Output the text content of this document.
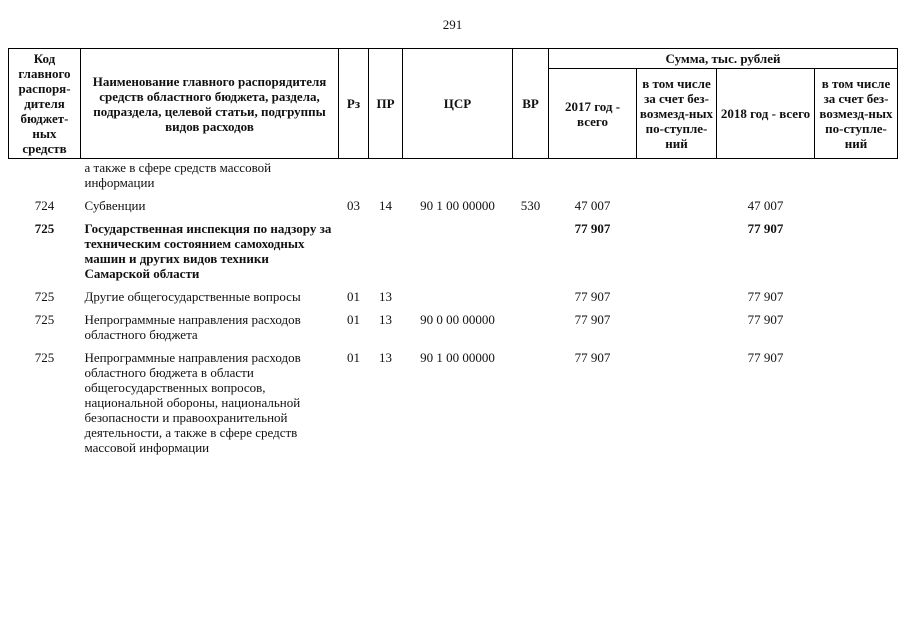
291
Код главного распоря-дителя бюджет-ных средств	Наименование главного распорядителя средств областного бюджета, раздела, подраздела, целевой статьи, подгруппы видов расходов	Рз	ПР	ЦСР	ВР	Сумма, тыс. рублей			
						2017 год - всего	в том числе за счет без-возмезд-ных по-ступле-ний	2018 год - всего	в том числе за счет без-возмезд-ных по-ступле-ний
	а также в сфере средств массовой информации								
724	Субвенции	03	14	90 1 00 00000	530	47 007		47 007	
725	Государственная инспекция по надзору за техническим состоянием самоходных машин и других видов техники Самарской области					77 907		77 907	
725	Другие общегосударственные вопросы	01	13			77 907		77 907	
725	Непрограммные направления расходов областного бюджета	01	13	90 0 00 00000		77 907		77 907	
725	Непрограммные направления расходов областного бюджета в области общегосударственных вопросов, национальной обороны, национальной безопасности и правоохранительной деятельности, а также в сфере средств массовой информации	01	13	90 1 00 00000		77 907		77 907	
